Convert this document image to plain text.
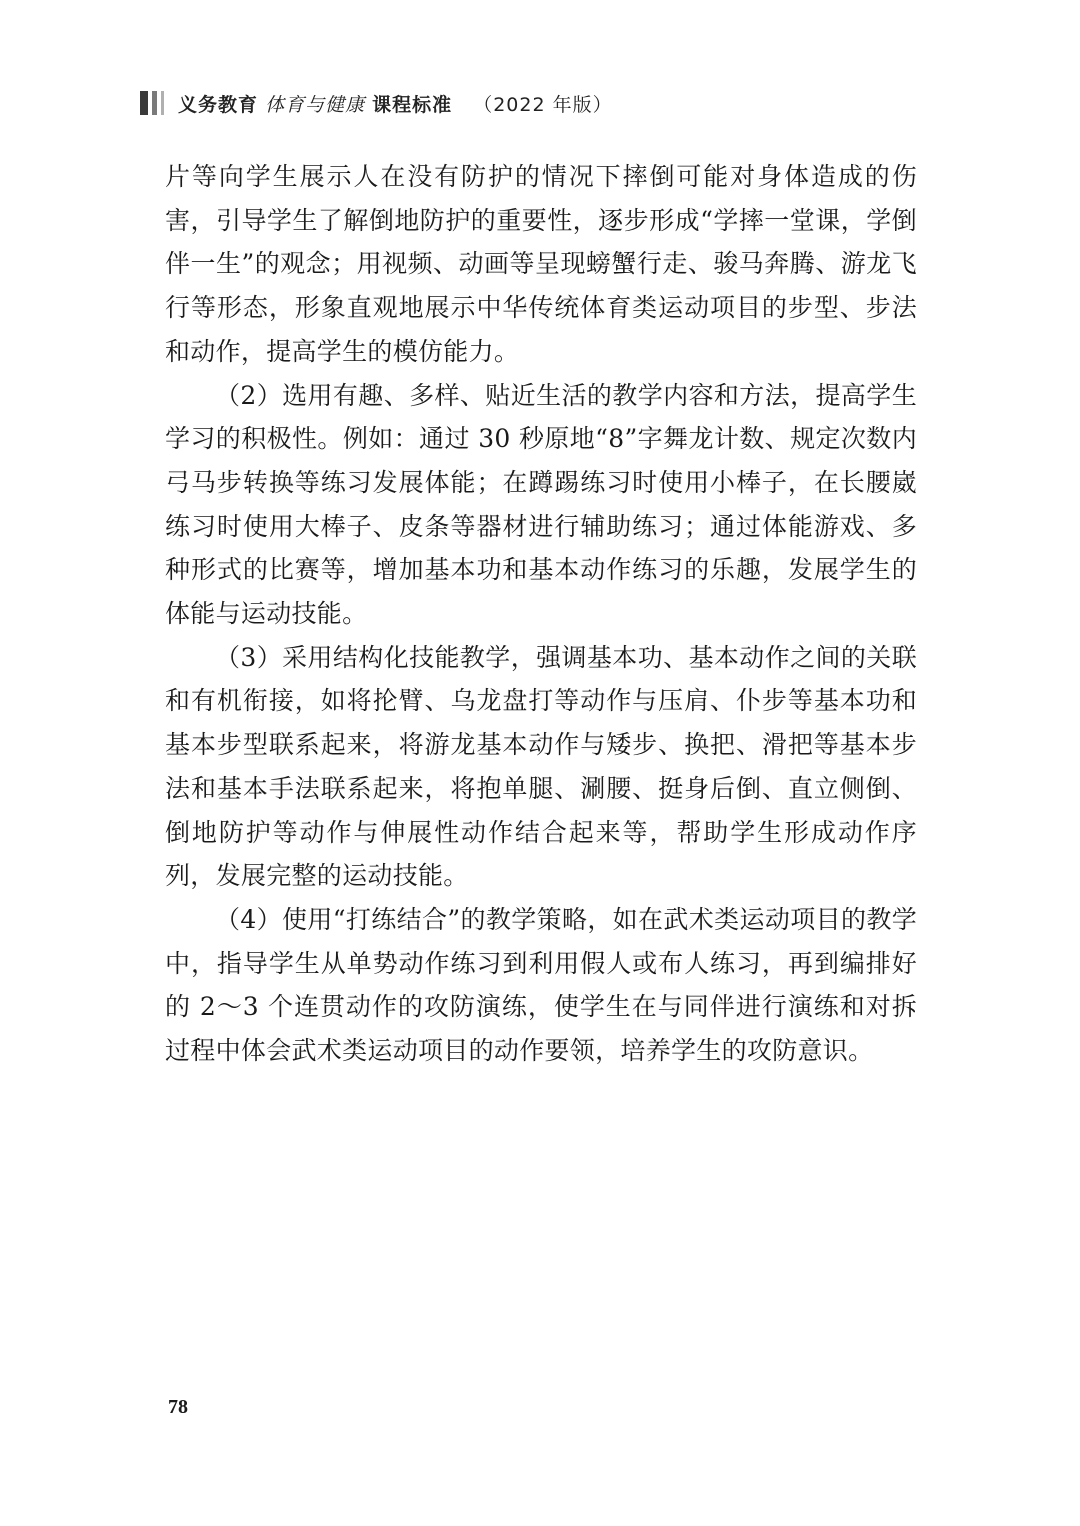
义务教育 体育与健康 课程标准 （2022 年版）

片等向学生展示人在没有防护的情况下摔倒可能对身体造成的伤害，引导学生了解倒地防护的重要性，逐步形成“学摔一堂课，学倒伴一生”的观念；用视频、动画等呈现螃蟹行走、骏马奔腾、游龙飞行等形态，形象直观地展示中华传统体育类运动项目的步型、步法和动作，提高学生的模仿能力。

（2）选用有趣、多样、贴近生活的教学内容和方法，提高学生学习的积极性。例如：通过 30 秒原地“8”字舞龙计数、规定次数内弓马步转换等练习发展体能；在蹲踢练习时使用小棒子，在长腰崴练习时使用大棒子、皮条等器材进行辅助练习；通过体能游戏、多种形式的比赛等，增加基本功和基本动作练习的乐趣，发展学生的体能与运动技能。

（3）采用结构化技能教学，强调基本功、基本动作之间的关联和有机衔接，如将抡臂、乌龙盘打等动作与压肩、仆步等基本功和基本步型联系起来，将游龙基本动作与矮步、换把、滑把等基本步法和基本手法联系起来，将抱单腿、涮腰、挺身后倒、直立侧倒、倒地防护等动作与伸展性动作结合起来等，帮助学生形成动作序列，发展完整的运动技能。

（4）使用“打练结合”的教学策略，如在武术类运动项目的教学中，指导学生从单势动作练习到利用假人或布人练习，再到编排好的 2～3 个连贯动作的攻防演练，使学生在与同伴进行演练和对拆过程中体会武术类运动项目的动作要领，培养学生的攻防意识。

78
